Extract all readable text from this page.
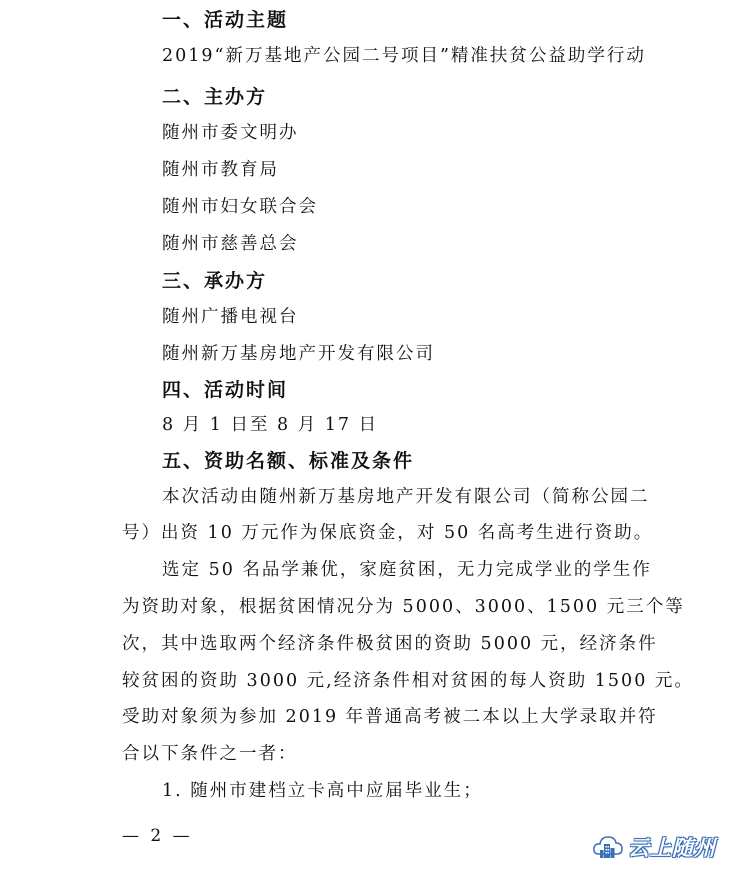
一、活动主题
2019“新万基地产公园二号项目”精准扶贫公益助学行动
二、主办方
随州市委文明办
随州市教育局
随州市妇女联合会
随州市慈善总会
三、承办方
随州广播电视台
随州新万基房地产开发有限公司
四、活动时间
8 月 1 日至 8 月 17 日
五、资助名额、标准及条件
本次活动由随州新万基房地产开发有限公司（简称公园二
号）出资 10 万元作为保底资金，对 50 名高考生进行资助。
选定 50 名品学兼优，家庭贫困，无力完成学业的学生作
为资助对象，根据贫困情况分为 5000、3000、1500 元三个等
次，其中选取两个经济条件极贫困的资助 5000 元，经济条件
较贫困的资助 3000 元,经济条件相对贫困的每人资助 1500 元。
受助对象须为参加 2019 年普通高考被二本以上大学录取并符
合以下条件之一者：
1. 随州市建档立卡高中应届毕业生；
— 2 —	云上随州
